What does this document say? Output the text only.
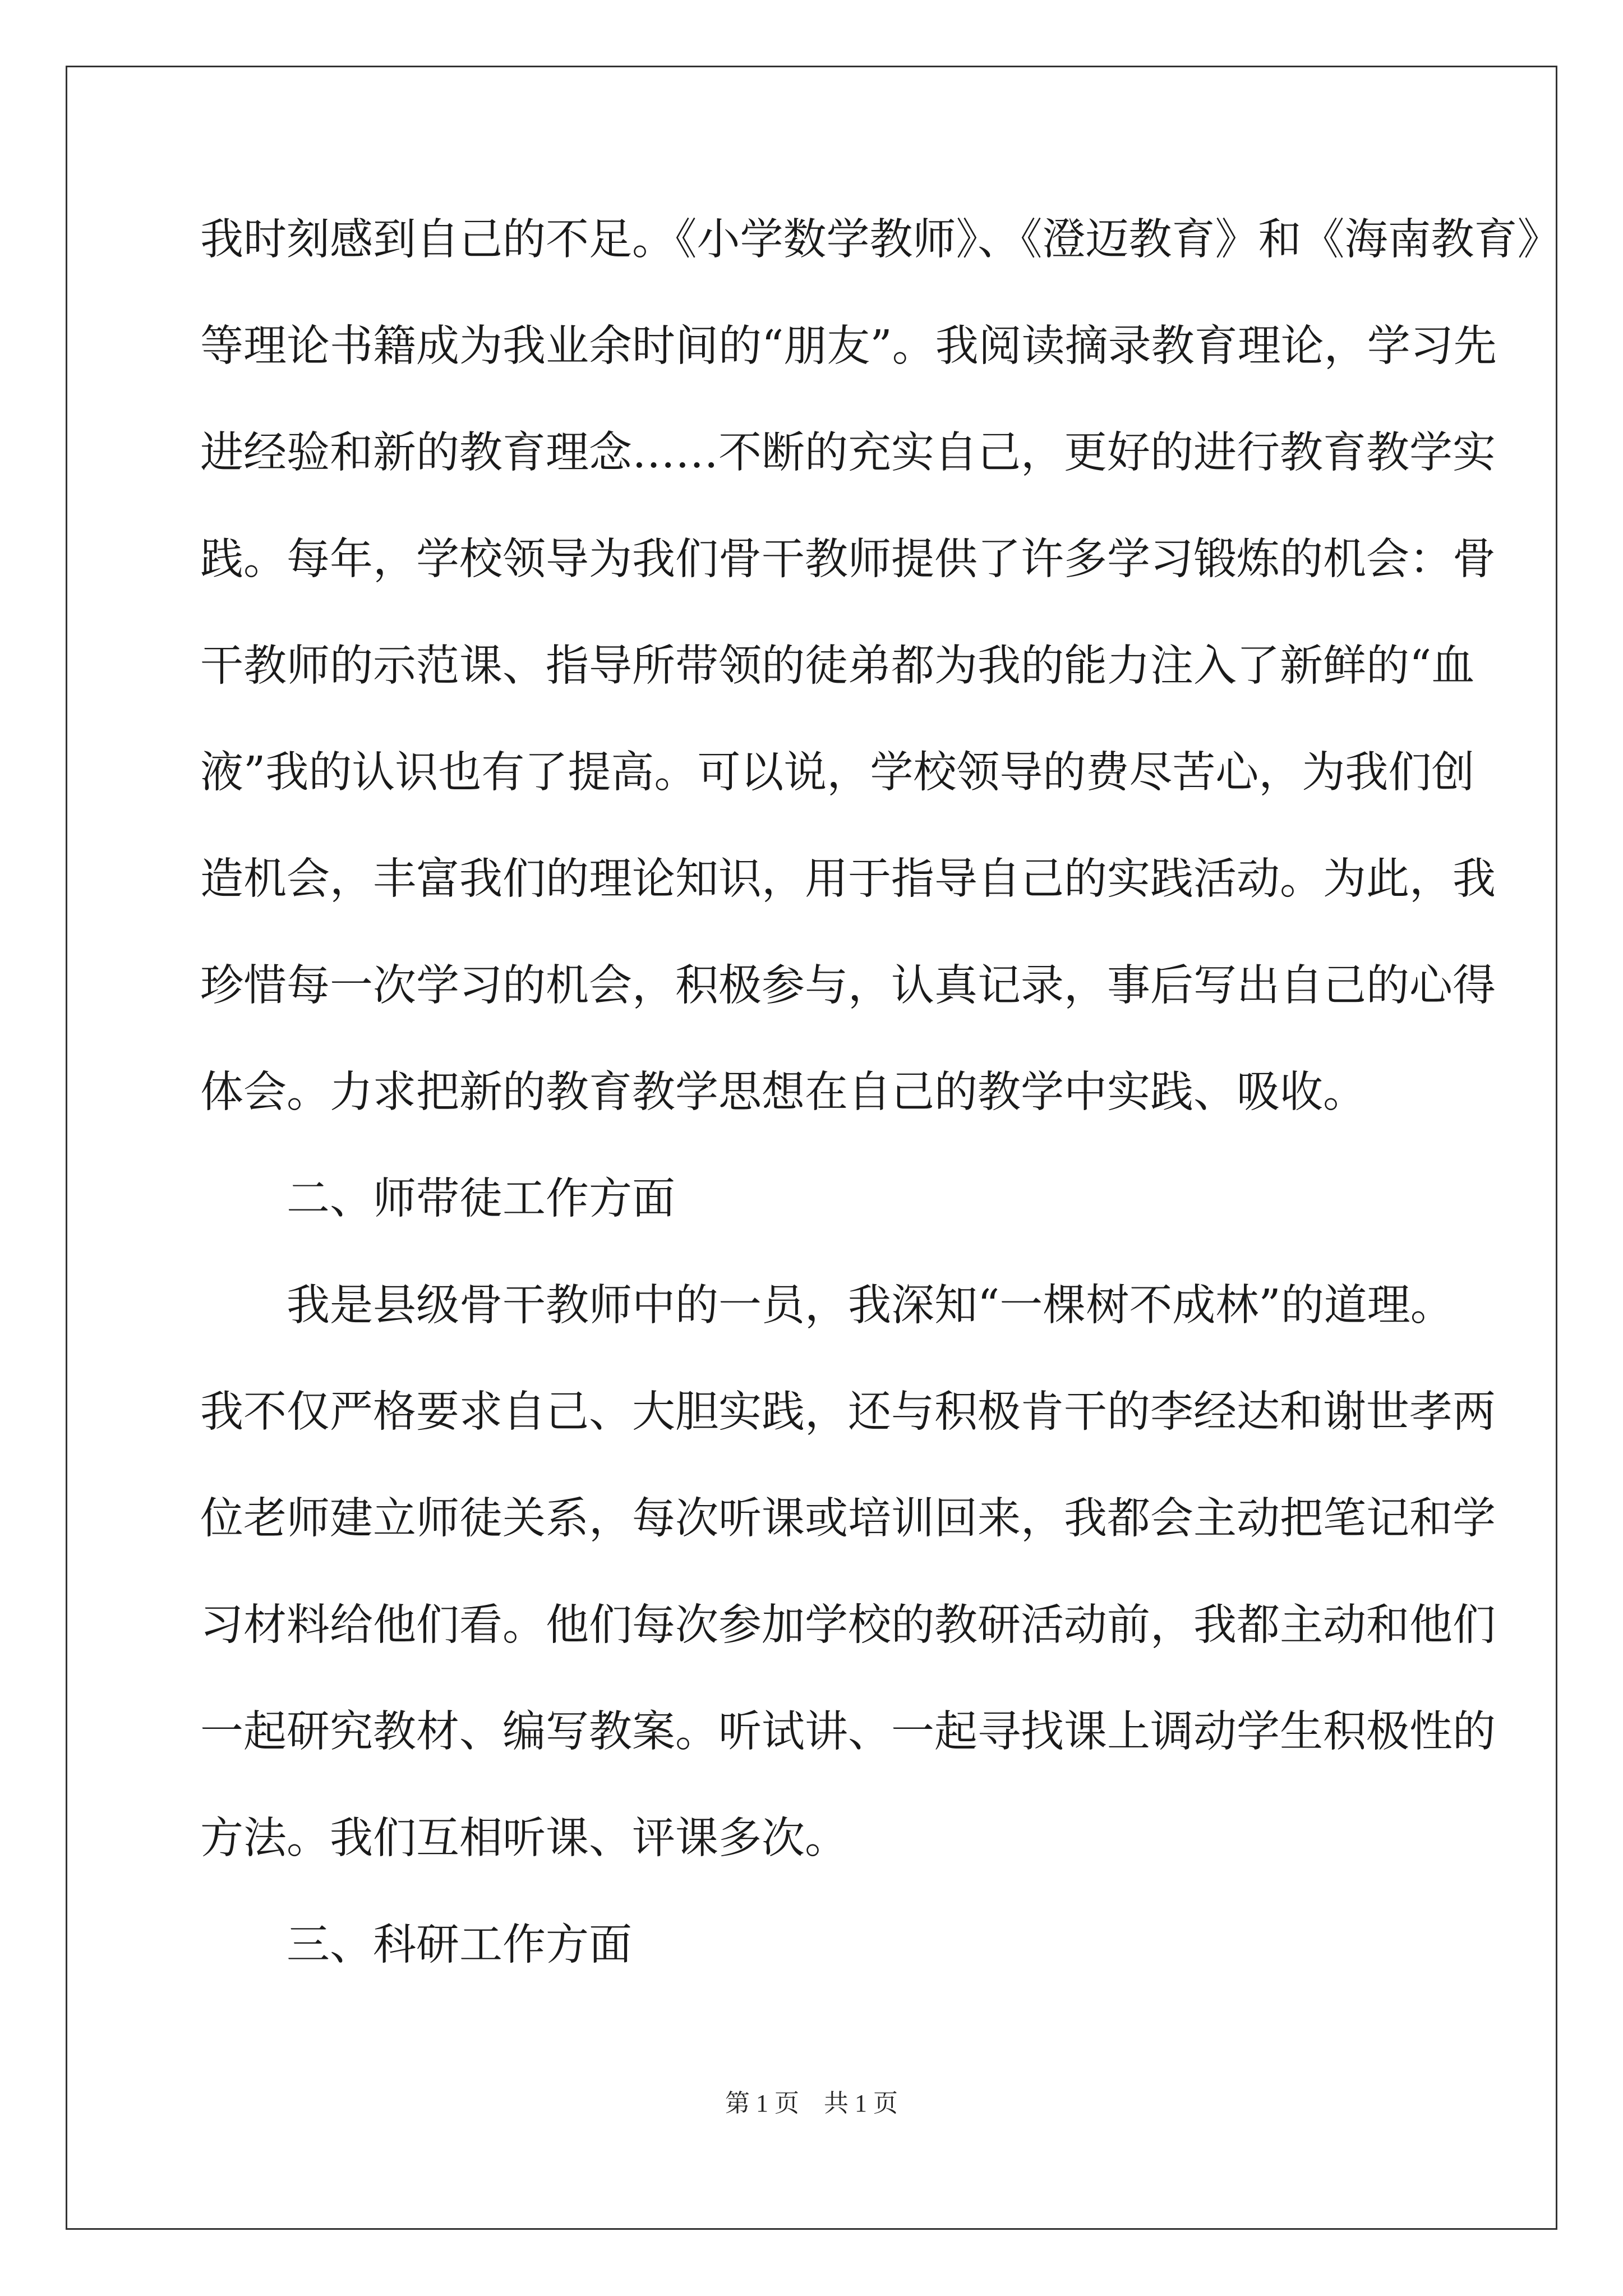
我时刻感到自己的不足。《小学数学教师》、《澄迈教育》和《海南教育》
等理论书籍成为我业余时间的“朋友”。我阅读摘录教育理论，学习先
进经验和新的教育理念……不断的充实自己，更好的进行教育教学实
践。每年，学校领导为我们骨干教师提供了许多学习锻炼的机会：骨
干教师的示范课、指导所带领的徒弟都为我的能力注入了新鲜的“血
液”我的认识也有了提高。可以说，学校领导的费尽苦心，为我们创
造机会，丰富我们的理论知识，用于指导自己的实践活动。为此，我
珍惜每一次学习的机会，积极参与，认真记录，事后写出自己的心得
体会。力求把新的教育教学思想在自己的教学中实践、吸收。
二、师带徒工作方面
我是县级骨干教师中的一员，我深知“一棵树不成林”的道理。
我不仅严格要求自己、大胆实践，还与积极肯干的李经达和谢世孝两
位老师建立师徒关系，每次听课或培训回来，我都会主动把笔记和学
习材料给他们看。他们每次参加学校的教研活动前，我都主动和他们
一起研究教材、编写教案。听试讲、一起寻找课上调动学生积极性的
方法。我们互相听课、评课多次。
三、科研工作方面
第 1 页 共 1 页
